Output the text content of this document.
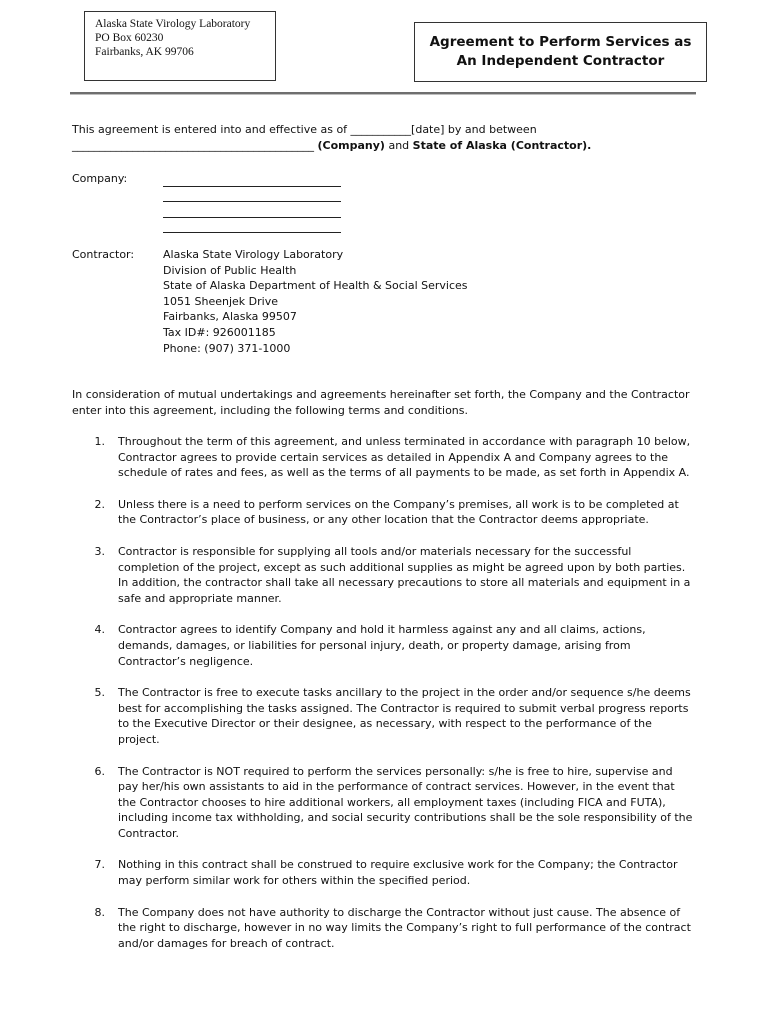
Alaska State Virology Laboratory
PO Box 60230
Fairbanks, AK 99706
Agreement to Perform Services as
An Independent Contractor
This agreement is entered into and effective as of ___________[date] by and between
____________________________________________ (Company) and State of Alaska (Contractor).
Company:
Contractor:	Alaska State Virology Laboratory
Division of Public Health
State of Alaska Department of Health & Social Services
1051 Sheenjek Drive
Fairbanks, Alaska 99507
Tax ID#: 926001185
Phone: (907) 371-1000
In consideration of mutual undertakings and agreements hereinafter set forth, the Company and the Contractor enter into this agreement, including the following terms and conditions.
1. Throughout the term of this agreement, and unless terminated in accordance with paragraph 10 below, Contractor agrees to provide certain services as detailed in Appendix A and Company agrees to the schedule of rates and fees, as well as the terms of all payments to be made, as set forth in Appendix A.
2. Unless there is a need to perform services on the Company’s premises, all work is to be completed at the Contractor’s place of business, or any other location that the Contractor deems appropriate.
3. Contractor is responsible for supplying all tools and/or materials necessary for the successful completion of the project, except as such additional supplies as might be agreed upon by both parties. In addition, the contractor shall take all necessary precautions to store all materials and equipment in a safe and appropriate manner.
4. Contractor agrees to identify Company and hold it harmless against any and all claims, actions, demands, damages, or liabilities for personal injury, death, or property damage, arising from Contractor’s negligence.
5. The Contractor is free to execute tasks ancillary to the project in the order and/or sequence s/he deems best for accomplishing the tasks assigned. The Contractor is required to submit verbal progress reports to the Executive Director or their designee, as necessary, with respect to the performance of the project.
6. The Contractor is NOT required to perform the services personally: s/he is free to hire, supervise and pay her/his own assistants to aid in the performance of contract services. However, in the event that the Contractor chooses to hire additional workers, all employment taxes (including FICA and FUTA), including income tax withholding, and social security contributions shall be the sole responsibility of the Contractor.
7. Nothing in this contract shall be construed to require exclusive work for the Company; the Contractor may perform similar work for others within the specified period.
8. The Company does not have authority to discharge the Contractor without just cause. The absence of the right to discharge, however in no way limits the Company’s right to full performance of the contract and/or damages for breach of contract.
